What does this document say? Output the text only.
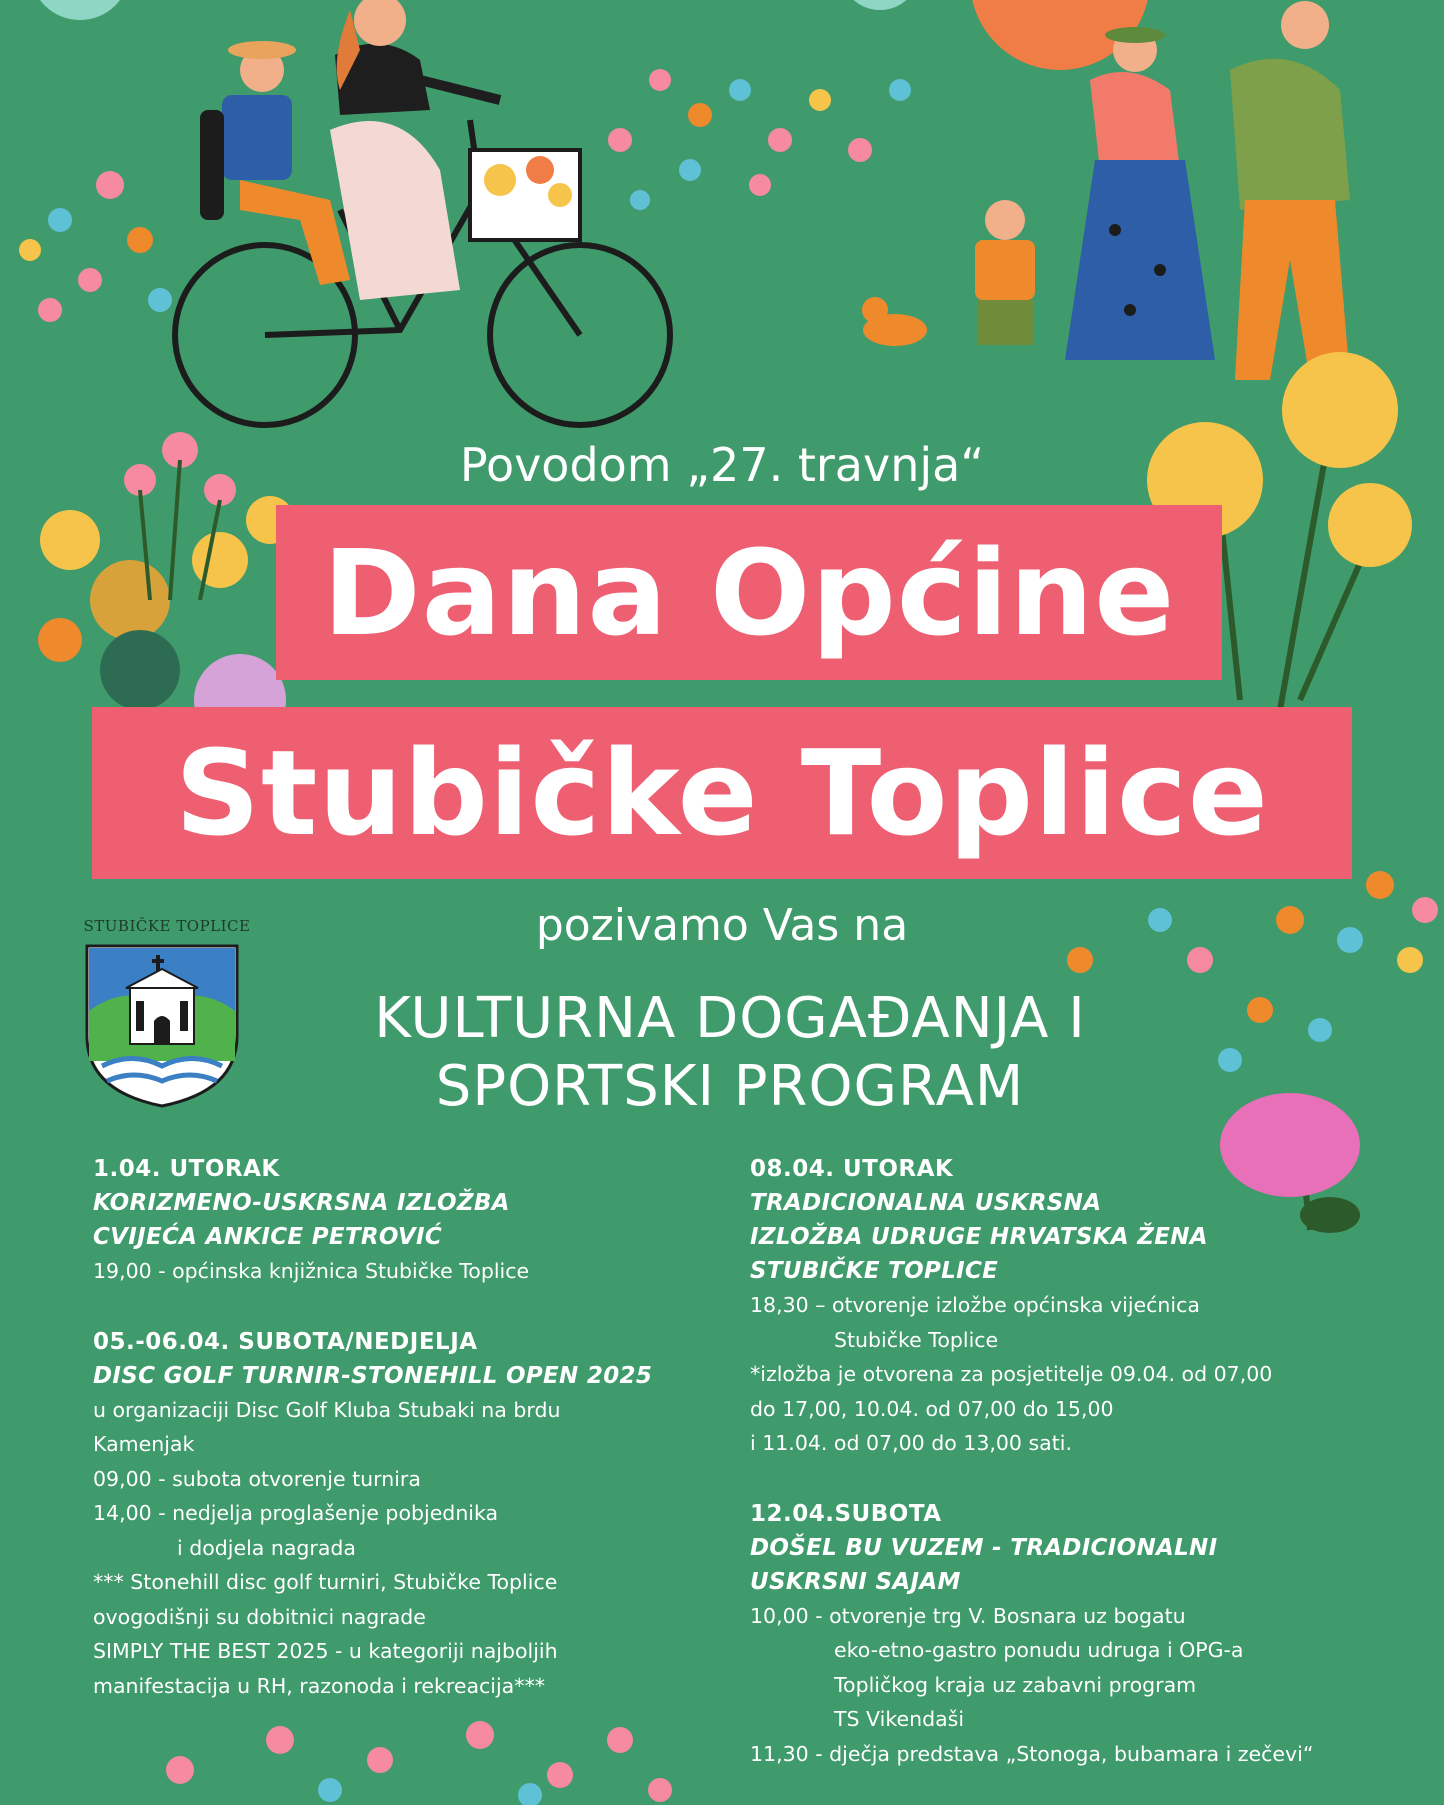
Povodom „27. travnja“
Dana Općine
Stubičke Toplice
pozivamo Vas na
STUBIČKE TOPLICE
KULTURNA DOGAĐANJA I
SPORTSKI PROGRAM
1.04. UTORAK
KORIZMENO-USKRSNA IZLOŽBA
CVIJEĆA ANKICE PETROVIĆ
19,00 - općinska knjižnica Stubičke Toplice
05.-06.04. SUBOTA/NEDJELJA
DISC GOLF TURNIR-STONEHILL OPEN 2025
u organizaciji Disc Golf Kluba Stubaki na brdu
Kamenjak
09,00 - subota otvorenje turnira
14,00 - nedjelja proglašenje pobjednika
i dodjela nagrada
*** Stonehill disc golf turniri, Stubičke Toplice
ovogodišnji su dobitnici nagrade
SIMPLY THE BEST 2025 - u kategoriji najboljih
manifestacija u RH, razonoda i rekreacija***
08.04. UTORAK
TRADICIONALNA USKRSNA
IZLOŽBA UDRUGE HRVATSKA ŽENA
STUBIČKE TOPLICE
18,30 – otvorenje izložbe općinska vijećnica
Stubičke Toplice
*izložba je otvorena za posjetitelje 09.04. od 07,00
do 17,00, 10.04. od 07,00 do 15,00
i 11.04. od 07,00 do 13,00 sati.
12.04.SUBOTA
DOŠEL BU VUZEM - TRADICIONALNI
USKRSNI SAJAM
10,00 - otvorenje trg V. Bosnara uz bogatu
eko-etno-gastro ponudu udruga i OPG-a
Topličkog kraja uz zabavni program
TS Vikendaši
11,30 - dječja predstava „Stonoga, bubamara i zečevi“
